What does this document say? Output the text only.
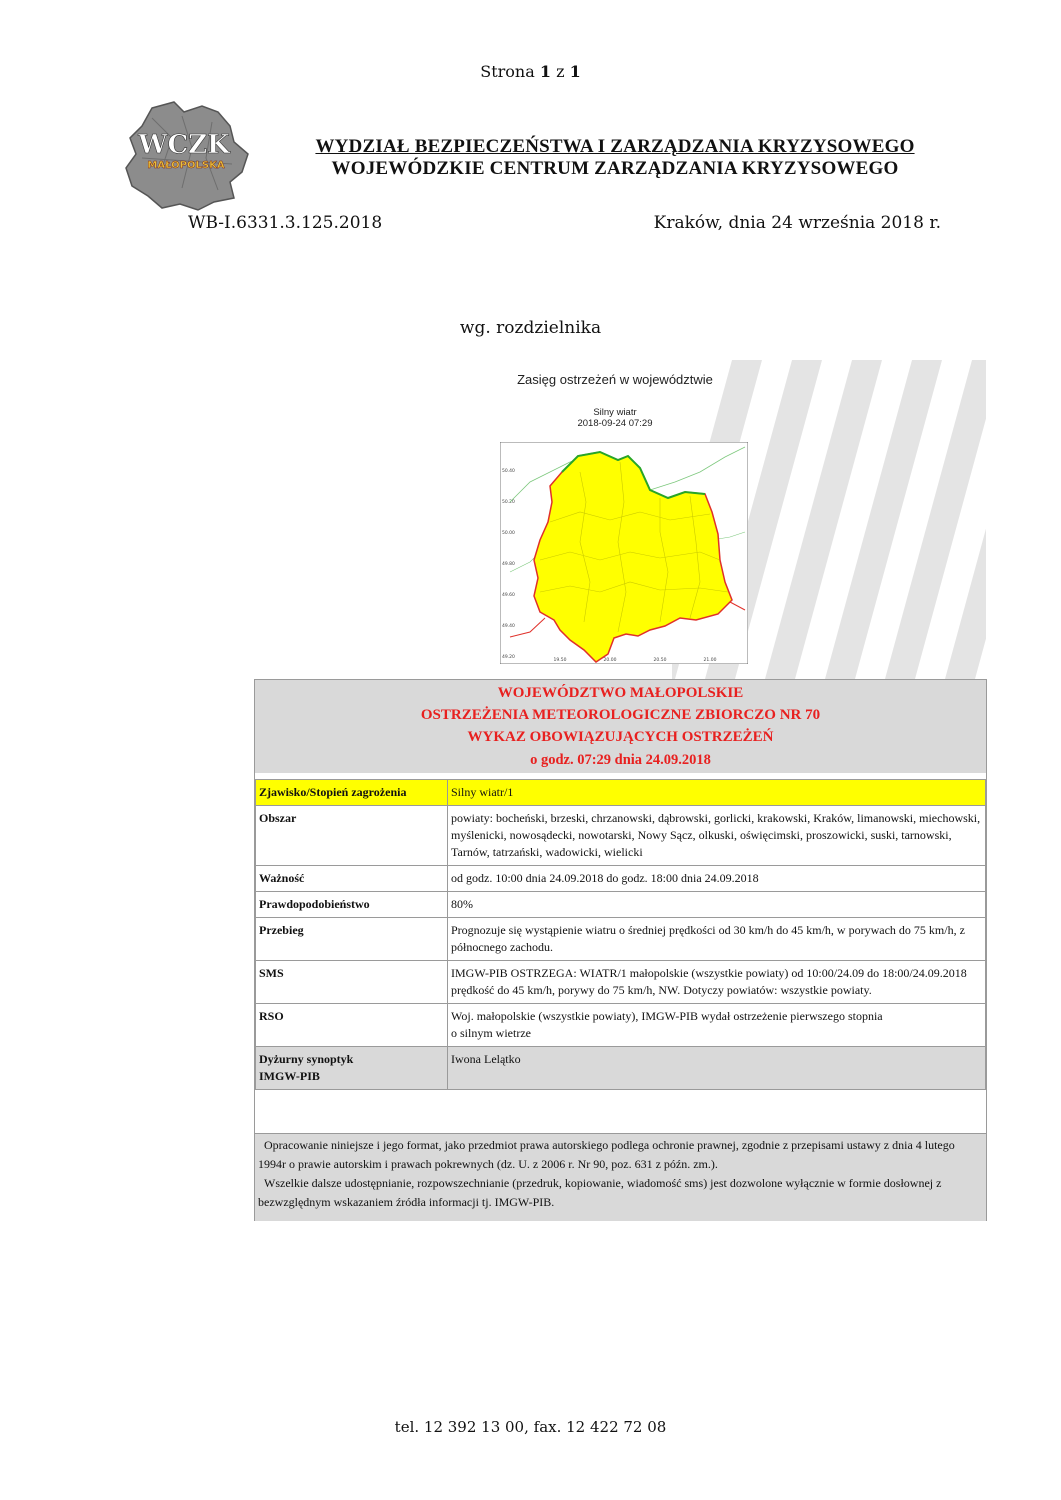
Strona 1 z 1
WCZK
MAŁOPOLSKA
WYDZIAŁ BEZPIECZEŃSTWA I ZARZĄDZANIA KRYZYSOWEGO
WOJEWÓDZKIE CENTRUM ZARZĄDZANIA KRYZYSOWEGO
WB-I.6331.3.125.2018	Kraków, dnia 24 września 2018 r.
wg. rozdzielnika
Zasięg ostrzeżeń w województwie
Silny wiatr
2018-09-24 07:29
50.40
50.20
50.00
49.80
49.60
49.40
49.20
19.50	20.00	20.50	21.00
WOJEWÓDZTWO MAŁOPOLSKIE
OSTRZEŻENIA METEOROLOGICZNE ZBIORCZO NR 70
WYKAZ OBOWIĄZUJĄCYCH OSTRZEŻEŃ
o godz. 07:29 dnia 24.09.2018
Zjawisko/Stopień zagrożenia	Silny wiatr/1
Obszar	powiaty: bocheński, brzeski, chrzanowski, dąbrowski, gorlicki, krakowski, Kraków, limanowski, miechowski, myślenicki, nowosądecki, nowotarski, Nowy Sącz, olkuski, oświęcimski, proszowicki, suski, tarnowski, Tarnów, tatrzański, wadowicki, wielicki
Ważność	od godz. 10:00 dnia 24.09.2018 do godz. 18:00 dnia 24.09.2018
Prawdopodobieństwo	80%
Przebieg	Prognozuje się wystąpienie wiatru o średniej prędkości od 30 km/h do 45 km/h, w porywach do 75 km/h, z północnego zachodu.
SMS	IMGW-PIB OSTRZEGA: WIATR/1 małopolskie (wszystkie powiaty) od 10:00/24.09 do 18:00/24.09.2018 prędkość do 45 km/h, porywy do 75 km/h, NW. Dotyczy powiatów: wszystkie powiaty.
RSO	Woj. małopolskie (wszystkie powiaty), IMGW-PIB wydał ostrzeżenie pierwszego stopnia
o silnym wietrze

Dyżurny synoptyk
IMGW-PIB	Iwona Lelątko
Opracowanie niniejsze i jego format, jako przedmiot prawa autorskiego podlega ochronie prawnej, zgodnie z przepisami ustawy z dnia 4 lutego 1994r o prawie autorskim i prawach pokrewnych (dz. U. z 2006 r. Nr 90, poz. 631 z późn. zm.).
Wszelkie dalsze udostępnianie, rozpowszechnianie (przedruk, kopiowanie, wiadomość sms) jest dozwolone wyłącznie w formie dosłownej z bezwzględnym wskazaniem źródła informacji tj. IMGW-PIB.
tel. 12 392 13 00, fax. 12 422 72 08
